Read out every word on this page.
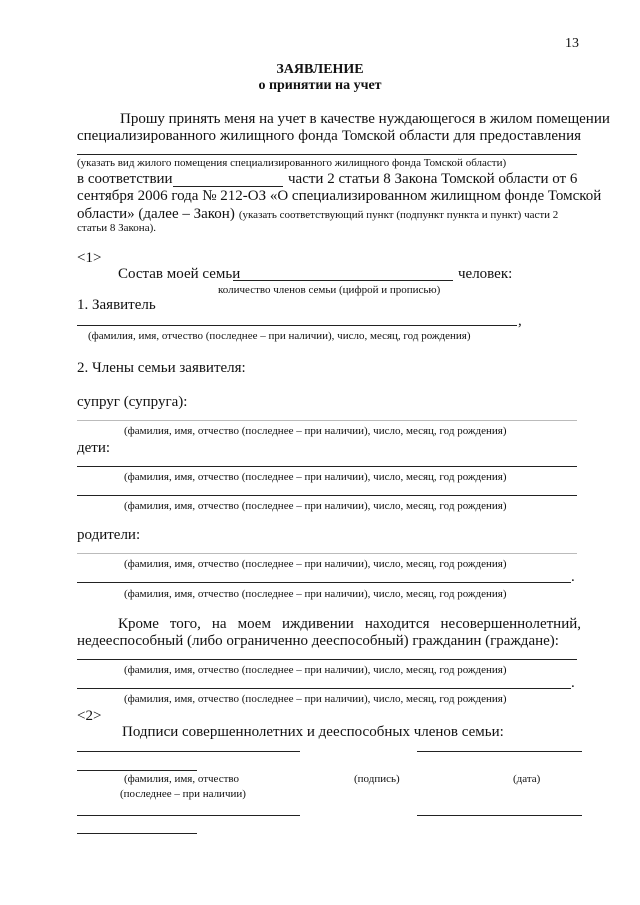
13
ЗАЯВЛЕНИЕ
о принятии на учет
Прошу принять меня на учет в качестве нуждающегося в жилом помещении
специализированного жилищного фонда Томской области для предоставления
(указать вид жилого помещения специализированного жилищного фонда Томской области)
в соответствии	части 2 статьи 8 Закона Томской области от 6
сентября 2006 года № 212-ОЗ «О специализированном жилищном фонде Томской
области» (далее – Закон) (указать соответствующий пункт (подпункт пункта и пункт) части 2
статьи 8 Закона).
<1>
Состав моей семьи	человек:
количество членов семьи (цифрой и прописью)
1. Заявитель
,
(фамилия, имя, отчество (последнее – при наличии), число, месяц, год рождения)
2. Члены семьи заявителя:
супруг (супруга):
(фамилия, имя, отчество (последнее – при наличии), число, месяц, год рождения)
дети:
(фамилия, имя, отчество (последнее – при наличии), число, месяц, год рождения)
(фамилия, имя, отчество (последнее – при наличии), число, месяц, год рождения)
родители:
(фамилия, имя, отчество (последнее – при наличии), число, месяц, год рождения)
.
(фамилия, имя, отчество (последнее – при наличии), число, месяц, год рождения)
Кроме того, на моем иждивении находится несовершеннолетний,
недееспособный (либо ограниченно дееспособный) гражданин (граждане):
(фамилия, имя, отчество (последнее – при наличии), число, месяц, год рождения)
.
(фамилия, имя, отчество (последнее – при наличии), число, месяц, год рождения)
<2>
Подписи совершеннолетних и дееспособных членов семьи:
(фамилия, имя, отчество
(последнее – при наличии)
(подпись)	(дата)
